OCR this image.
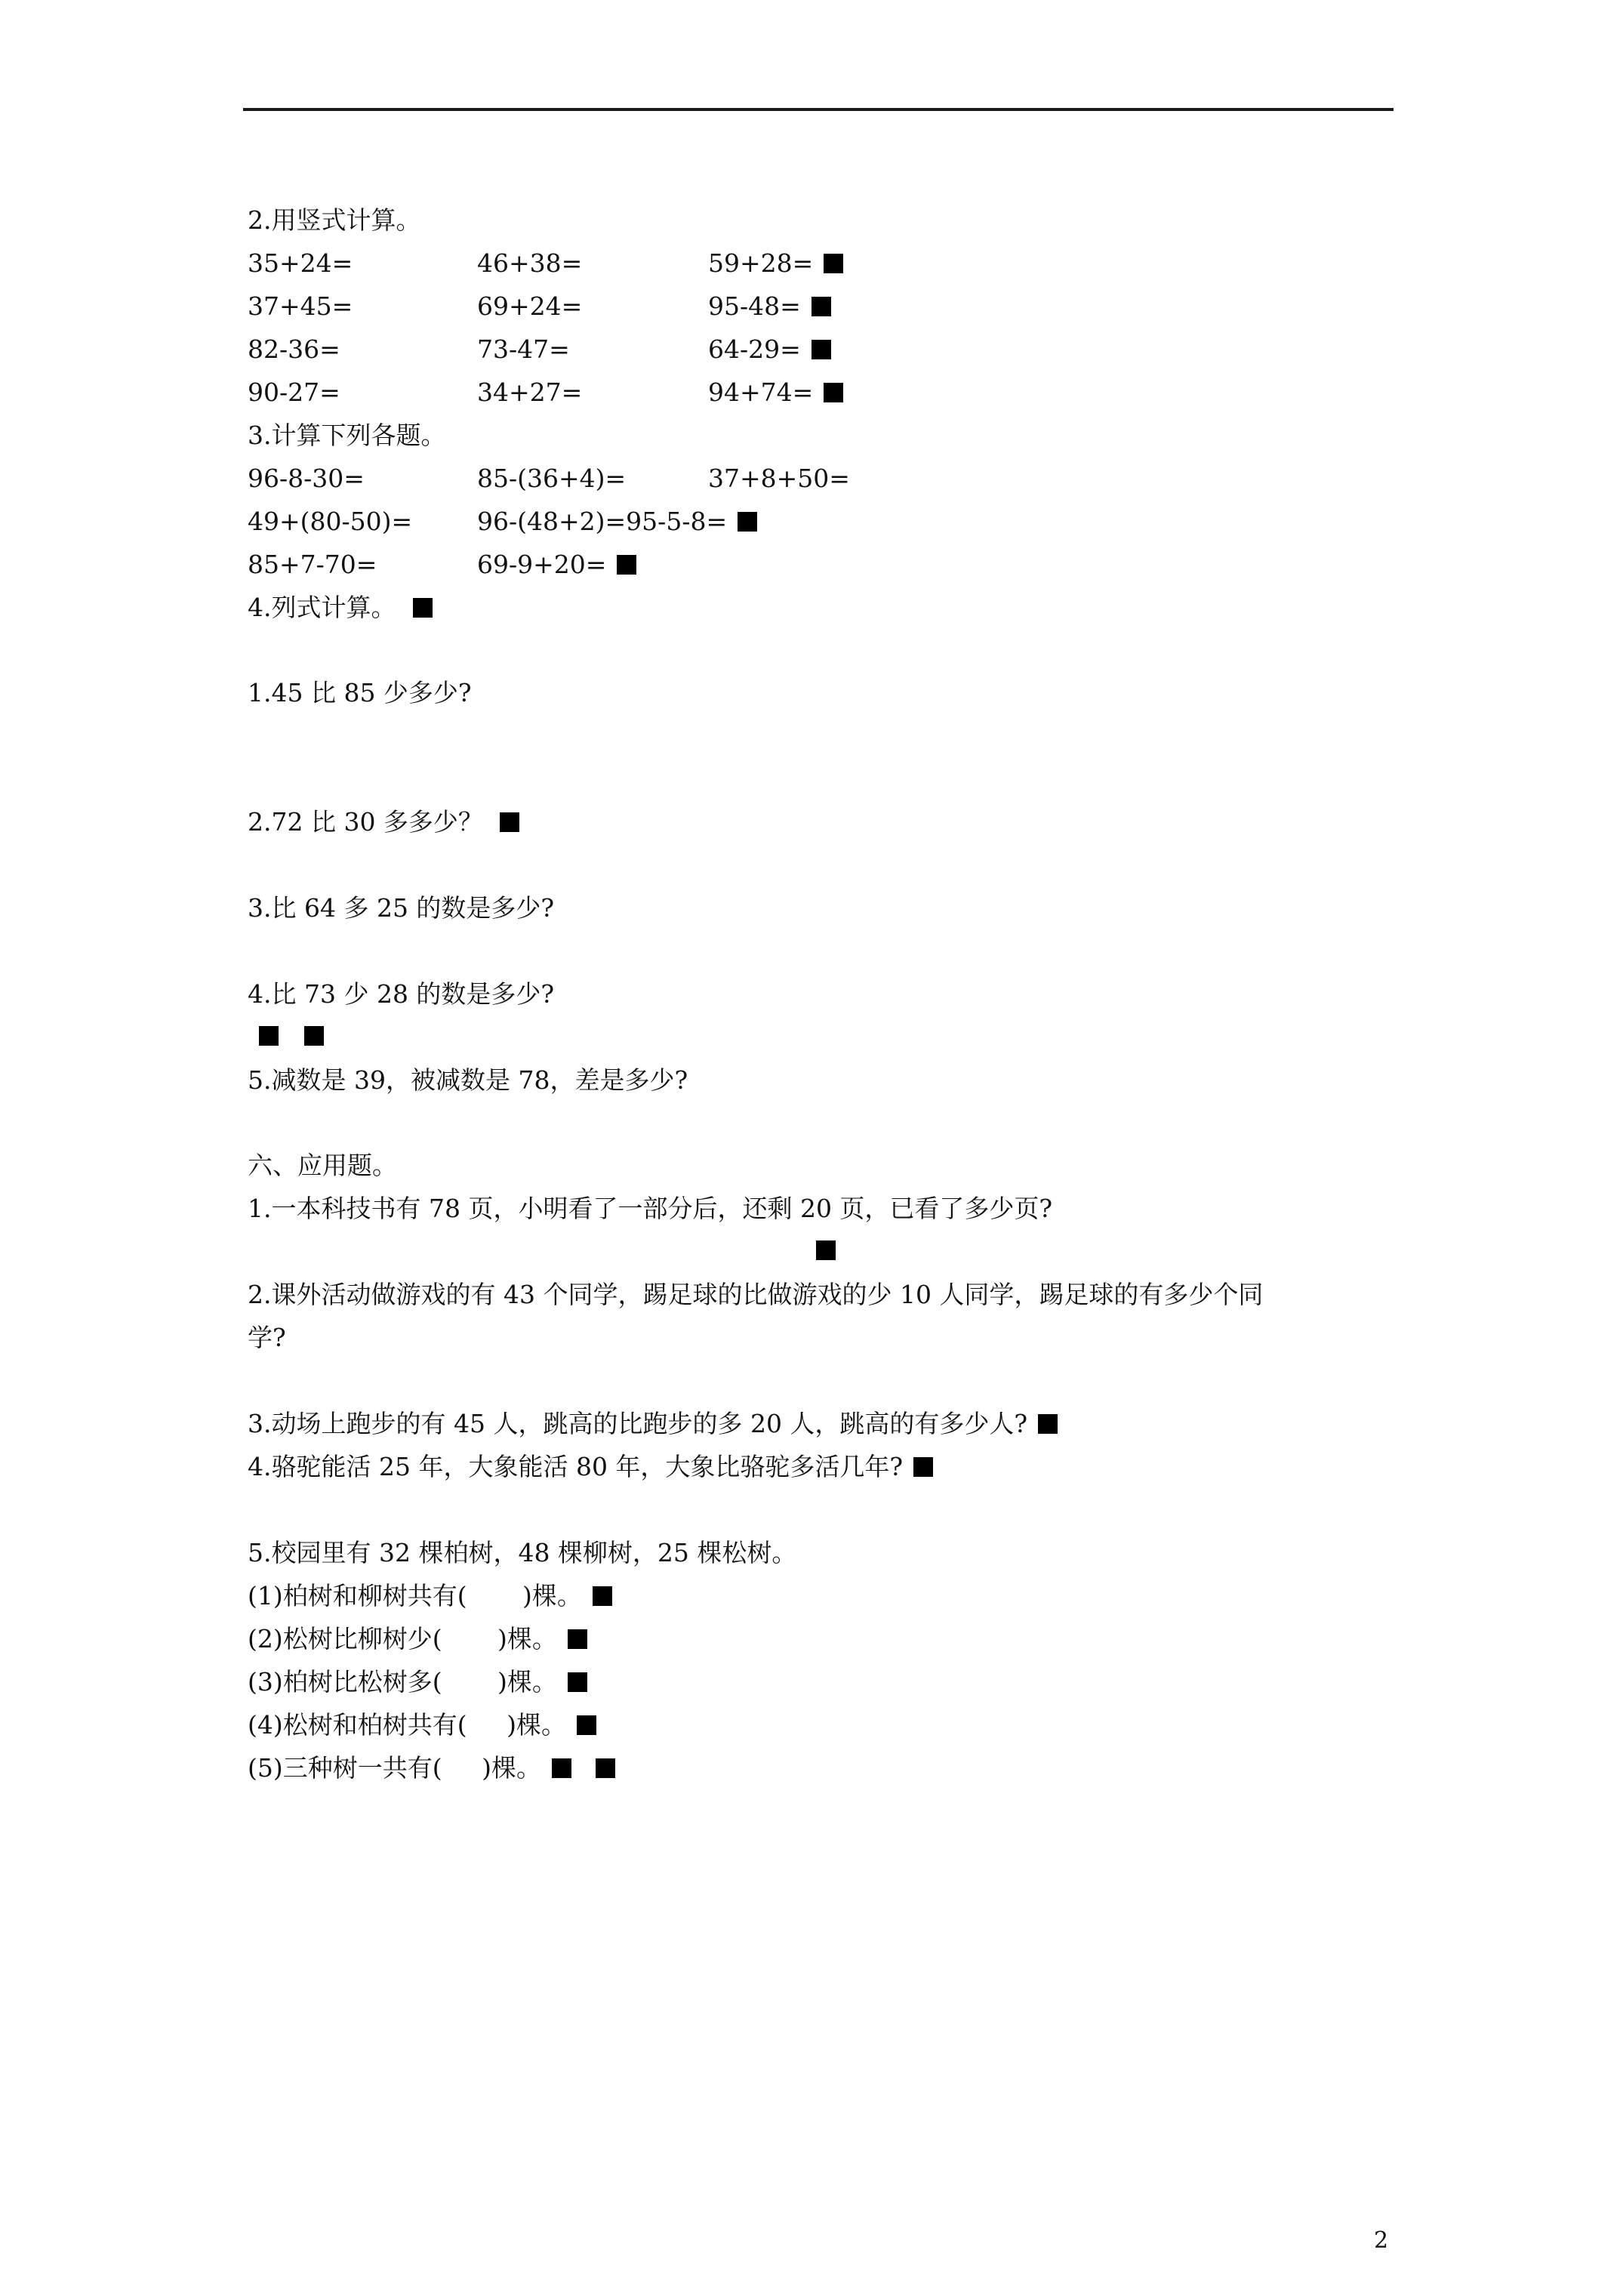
2.用竖式计算。
35+24=	46+38=	59+28=
37+45=	69+24=	95-48=
82-36=	73-47=	64-29=
90-27=	34+27=	94+74=
3.计算下列各题。
96-8-30=	85-(36+4)=	37+8+50=
49+(80-50)=	96-(48+2)=95-5-8=
85+7-70=	69-9+20=
4.列式计算。
1.45 比 85 少多少?
2.72 比 30 多多少？
3.比 64 多 25 的数是多少?
4.比 73 少 28 的数是多少?
5.减数是 39，被减数是 78，差是多少?
六、应用题。
1.一本科技书有 78 页，小明看了一部分后，还剩 20 页，已看了多少页?
2.课外活动做游戏的有 43 个同学，踢足球的比做游戏的少 10 人同学，踢足球的有多少个同
学?
3.动场上跑步的有 45 人，跳高的比跑步的多 20 人，跳高的有多少人?
4.骆驼能活 25 年，大象能活 80 年，大象比骆驼多活几年?
5.校园里有 32 棵柏树，48 棵柳树，25 棵松树。
(1)柏树和柳树共有(       )棵。
(2)松树比柳树少(       )棵。
(3)柏树比松树多(       )棵。
(4)松树和柏树共有(     )棵。
(5)三种树一共有(     )棵。
2
